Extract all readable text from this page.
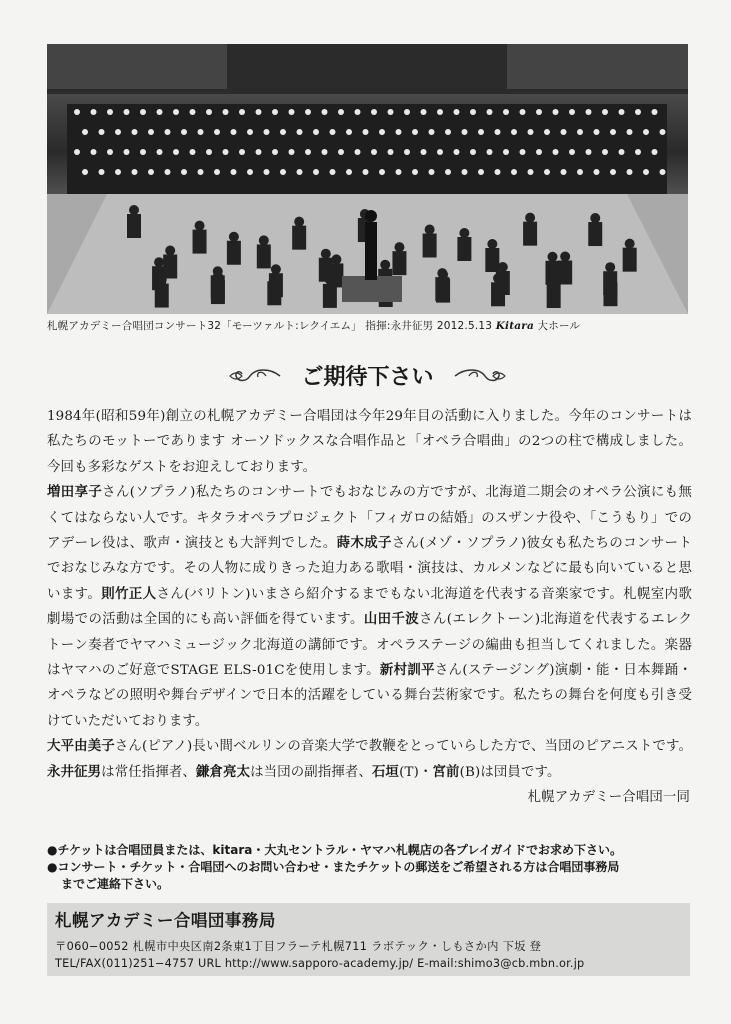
札幌アカデミー合唱団コンサート32「モーツァルト:レクイエム」 指揮:永井征男 2012.5.13 Kitara 大ホール
ご期待下さい

1984年(昭和59年)創立の札幌アカデミー合唱団は今年29年目の活動に入りました。今年のコンサートは私たちのモットーであります オーソドックスな合唱作品と「オペラ合唱曲」の2つの柱で構成しました。今回も多彩なゲストをお迎えしております。

増田享子さん(ソプラノ)私たちのコンサートでもおなじみの方ですが、北海道二期会のオペラ公演にも無くてはならない人です。キタラオペラプロジェクト「フィガロの結婚」のスザンナ役や、「こうもり」でのアデーレ役は、歌声・演技とも大評判でした。蒔木成子さん(メゾ・ソプラノ)彼女も私たちのコンサートでおなじみな方です。その人物に成りきった迫力ある歌唱・演技は、カルメンなどに最も向いていると思います。則竹正人さん(バリトン)いまさら紹介するまでもない北海道を代表する音楽家です。札幌室内歌劇場での活動は全国的にも高い評価を得ています。山田千波さん(エレクトーン)北海道を代表するエレクトーン奏者でヤマハミュージック北海道の講師です。オペラステージの編曲も担当してくれました。楽器はヤマハのご好意でSTAGE ELS-01Cを使用します。新村訓平さん(ステージング)演劇・能・日本舞踊・オペラなどの照明や舞台デザインで日本的活躍をしている舞台芸術家です。私たちの舞台を何度も引き受けていただいております。

大平由美子さん(ピアノ)長い間ベルリンの音楽大学で教鞭をとっていらした方で、当団のピアニストです。永井征男は常任指揮者、鎌倉亮太は当団の副指揮者、石垣(T)・宮前(B)は団員です。

札幌アカデミー合唱団一同

●チケットは合唱団員または、kitara・大丸セントラル・ヤマハ札幌店の各プレイガイドでお求め下さい。
●コンサート・チケット・合唱団へのお問い合わせ・またチケットの郵送をご希望される方は合唱団事務局
までご連絡下さい。
札幌アカデミー合唱団事務局
〒060−0052 札幌市中央区南2条東1丁目フラーテ札幌711 ラボテック・しもさか内 下坂 登
TEL/FAX(011)251−4757 URL http://www.sapporo-academy.jp/ E-mail:shimo3@cb.mbn.or.jp
